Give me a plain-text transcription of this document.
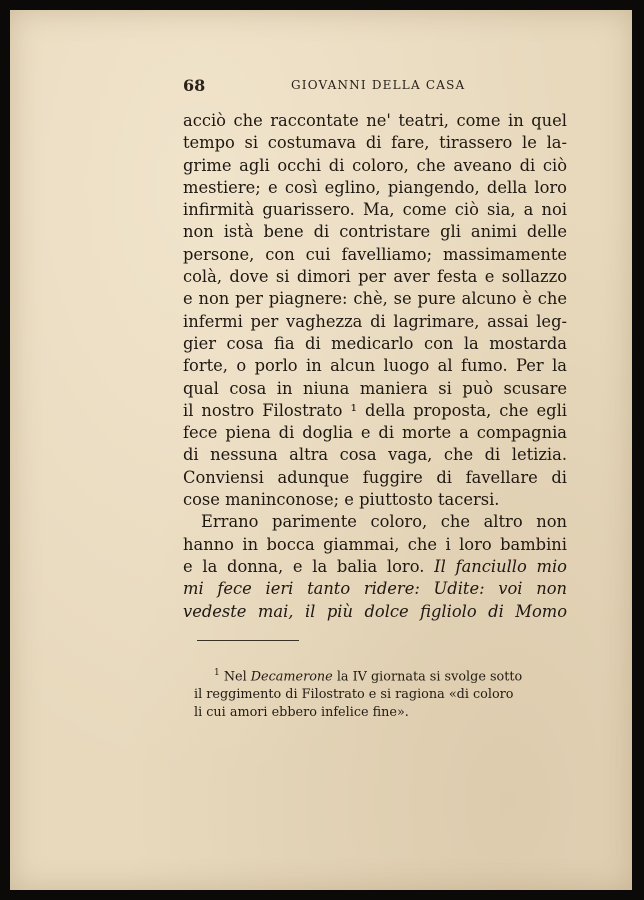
68	GIOVANNI DELLA CASA
acciò che raccontate ne' teatri, come in quel
tempo si costumava di fare, tirassero le la-
grime agli occhi di coloro, che aveano di ciò
mestiere; e così eglino, piangendo, della loro
infirmità guarissero. Ma, come ciò sia, a noi
non istà bene di contristare gli animi delle
persone, con cui favelliamo; massimamente
colà, dove si dimori per aver festa e sollazzo
e non per piagnere: chè, se pure alcuno è che
infermi per vaghezza di lagrimare, assai leg-
gier cosa fia di medicarlo con la mostarda
forte, o porlo in alcun luogo al fumo. Per la
qual cosa in niuna maniera si può scusare
il nostro Filostrato ¹ della proposta, che egli
fece piena di doglia e di morte a compagnia
di nessuna altra cosa vaga, che di letizia.
Conviensi adunque fuggire di favellare di
cose maninconose; e piuttosto tacersi.
Errano parimente coloro, che altro non
hanno in bocca giammai, che i loro bambini
e la donna, e la balia loro. Il fanciullo mio
mi fece ieri tanto ridere: Udite: voi non
vedeste mai, il più dolce figliolo di Momo
$^1$ Nel Decamerone la IV giornata si svolge sotto
il reggimento di Filostrato e si ragiona «di coloro
li cui amori ebbero infelice fine».
